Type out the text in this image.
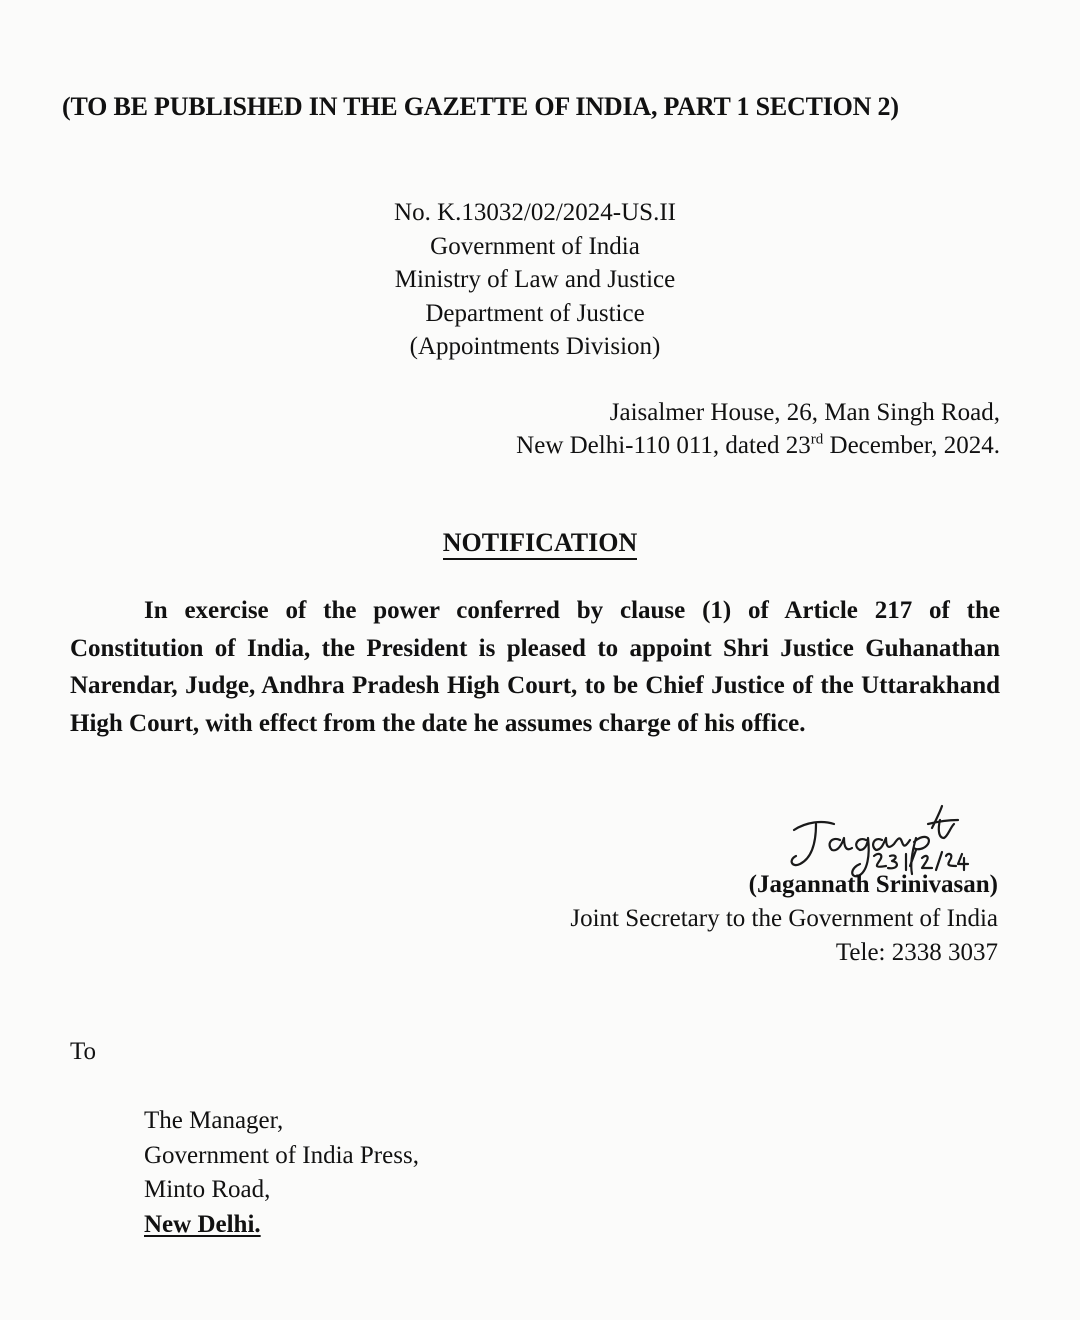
(TO BE PUBLISHED IN THE GAZETTE OF INDIA, PART 1 SECTION 2)
No. K.13032/02/2024-US.II
Government of India
Ministry of Law and Justice
Department of Justice
(Appointments Division)
Jaisalmer House, 26, Man Singh Road,
New Delhi-110 011, dated 23rd December, 2024.
NOTIFICATION
In exercise of the power conferred by clause (1) of Article 217 of the Constitution of India, the President is pleased to appoint Shri Justice Guhanathan Narendar, Judge, Andhra Pradesh High Court, to be Chief Justice of the Uttarakhand High Court, with effect from the date he assumes charge of his office.
(Jagannath Srinivasan)
Joint Secretary to the Government of India
Tele: 2338 3037
To
The Manager,
Government of India Press,
Minto Road,
New Delhi.
